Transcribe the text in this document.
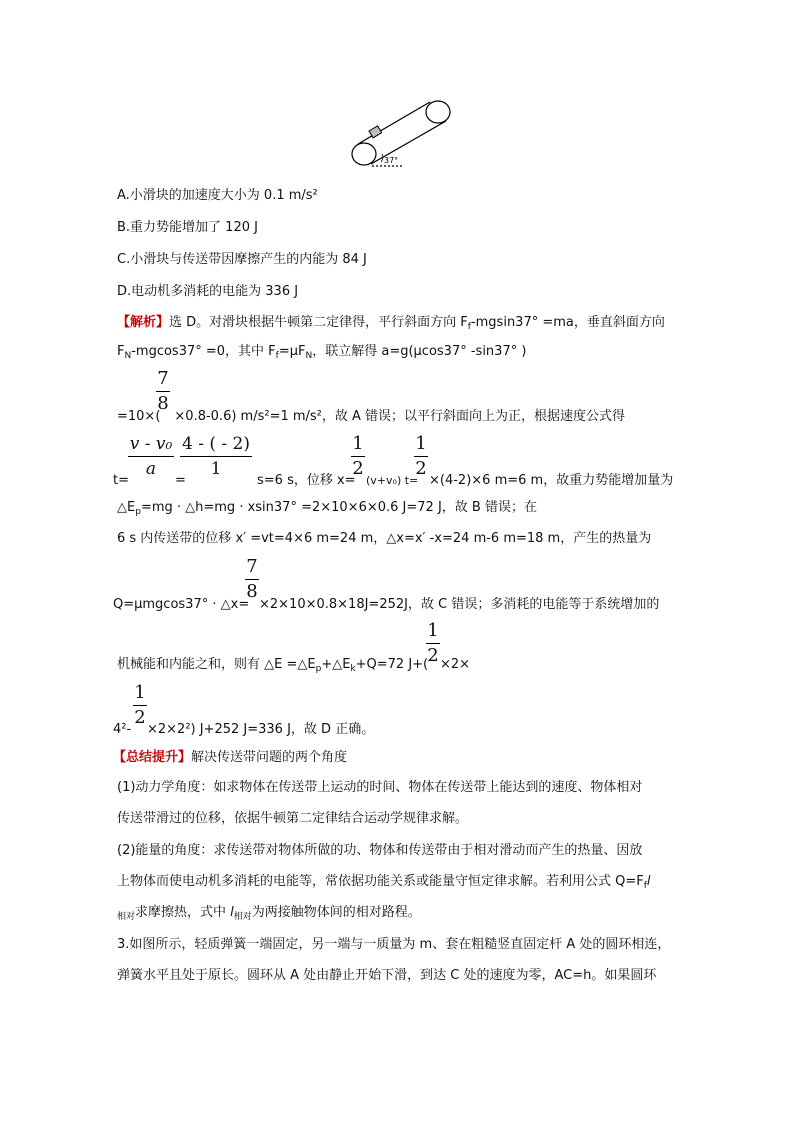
37°
A.小滑块的加速度大小为 0.1 m/s²
B.重力势能增加了 120 J
C.小滑块与传送带因摩擦产生的内能为 84 J
D.电动机多消耗的电能为 336 J
【解析】选 D。对滑块根据牛顿第二定律得，平行斜面方向 $F_f-mgsin37^\circ =ma$，垂直斜面方向
$F_N-mgcos37^\circ =0$，其中 $F_f=\mu F_N$，联立解得 a=g(μcos37° -sin37° )
7
8
=10×( ×0.8-0.6) m/s²=1 m/s²，故 A 错误；以平行斜面向上为正，根据速度公式得
v - v₀
a
4 - ( - 2)
1
1
2
1
2
t=	=	s=6 s，位移 x= (v+v₀) t= ×(4-2)×6 m=6 m，故重力势能增加量为
$\triangle E_p=mg$ · △h=mg · xsin37° =2×10×6×0.6 J=72 J，故 B 错误；在
6 s 内传送带的位移 x′ =vt=4×6 m=24 m，△x=x′ -x=24 m-6 m=18 m，产生的热量为
7
8
Q=μmgcos37° · △x= ×2×10×0.8×18J=252J，故 C 错误；多消耗的电能等于系统增加的
1
2
机械能和内能之和，则有 △E $=\triangle E_p+\triangle E_k+Q=72$ J+( ×2×
1
2
4²- ×2×2²) J+252 J=336 J，故 D 正确。
【总结提升】解决传送带问题的两个角度
(1)动力学角度：如求物体在传送带上运动的时间、物体在传送带上能达到的速度、物体相对
传送带滑过的位移，依据牛顿第二定律结合运动学规律求解。
(2)能量的角度：求传送带对物体所做的功、物体和传送带由于相对滑动而产生的热量、因放
上物体而使电动机多消耗的电能等，常依据功能关系或能量守恒定律求解。若利用公式 $Q=F_fl$
$_{相对}$求摩擦热，式中 $l_{相对}$为两接触物体间的相对路程。
3.如图所示，轻质弹簧一端固定，另一端与一质量为 m、套在粗糙竖直固定杆 A 处的圆环相连，
弹簧水平且处于原长。圆环从 A 处由静止开始下滑，到达 C 处的速度为零，AC=h。如果圆环
